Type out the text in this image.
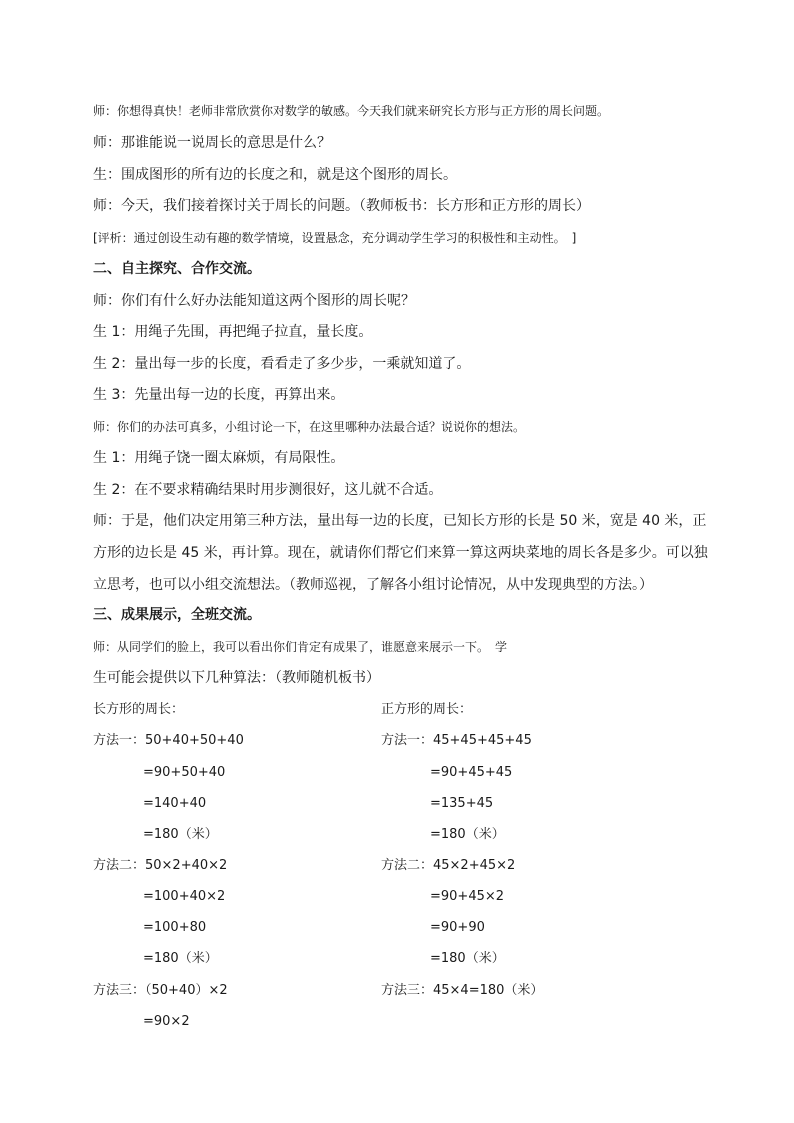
师：你想得真快！老师非常欣赏你对数学的敏感。今天我们就来研究长方形与正方形的周长问题。
师：那谁能说一说周长的意思是什么？
生：围成图形的所有边的长度之和，就是这个图形的周长。
师：今天，我们接着探讨关于周长的问题。（教师板书：长方形和正方形的周长）
[评析：通过创设生动有趣的数学情境，设置悬念，充分调动学生学习的积极性和主动性。　]
二、自主探究、合作交流。
师：你们有什么好办法能知道这两个图形的周长呢？
生 1：用绳子先围，再把绳子拉直，量长度。
生 2：量出每一步的长度，看看走了多少步，一乘就知道了。
生 3：先量出每一边的长度，再算出来。
师：你们的办法可真多，小组讨论一下，在这里哪种办法最合适？说说你的想法。
生 1：用绳子饶一圈太麻烦，有局限性。
生 2：在不要求精确结果时用步测很好，这儿就不合适。
师：于是，他们决定用第三种方法，量出每一边的长度，已知长方形的长是 50 米，宽是 40 米，正方形的边长是 45 米，再计算。现在，就请你们帮它们来算一算这两块菜地的周长各是多少。可以独立思考，也可以小组交流想法。（教师巡视，了解各小组讨论情况，从中发现典型的方法。）
三、成果展示，全班交流。
师：从同学们的脸上，我可以看出你们肯定有成果了，谁愿意来展示一下。　学
生可能会提供以下几种算法：（教师随机板书）
长方形的周长：
方法一：50+40+50+40
=90+50+40
=140+40
=180（米）
方法二：50×2+40×2
=100+40×2
=100+80
=180（米）
方法三：（50+40）×2
=90×2
正方形的周长：
方法一：45+45+45+45
=90+45+45
=135+45
=180（米）
方法二：45×2+45×2
=90+45×2
=90+90
=180（米）
方法三：45×4=180（米）
